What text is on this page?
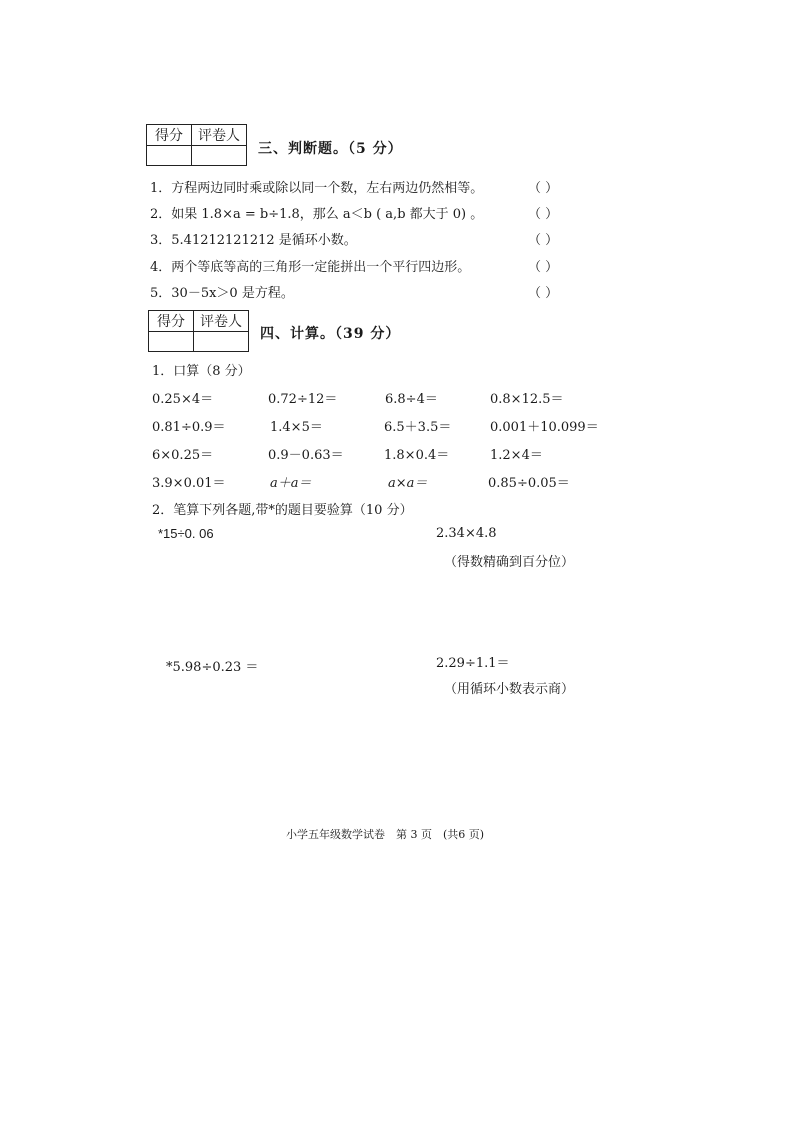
得分	评卷人

三、判断题。（5 分）
1．方程两边同时乘或除以同一个数，左右两边仍然相等。	（ ）
2．如果 1.8×a = b÷1.8，那么 a＜b ( a,b 都大于 0) 。	（ ）
3．5.41212121212 是循环小数。	（ ）
4．两个等底等高的三角形一定能拼出一个平行四边形。	（ ）
5．30－5x＞0 是方程。	（ ）
得分	评卷人

四、计算。（39 分）
1．口算（8 分）
0.25×4＝	0.72÷12＝	6.8÷4＝	0.8×12.5＝
0.81÷0.9＝	1.4×5＝	6.5＋3.5＝	0.001＋10.099＝
6×0.25＝	0.9－0.63＝	1.8×0.4＝	1.2×4＝
3.9×0.01＝	a＋a＝	a×a＝	0.85÷0.05＝
2．笔算下列各题,带*的题目要验算（10 分）
*15÷0. 06	2.34×4.8
（得数精确到百分位）
*5.98÷0.23 ＝	2.29÷1.1＝
（用循环小数表示商）
小学五年级数学试卷　第 3 页　(共6 页)
